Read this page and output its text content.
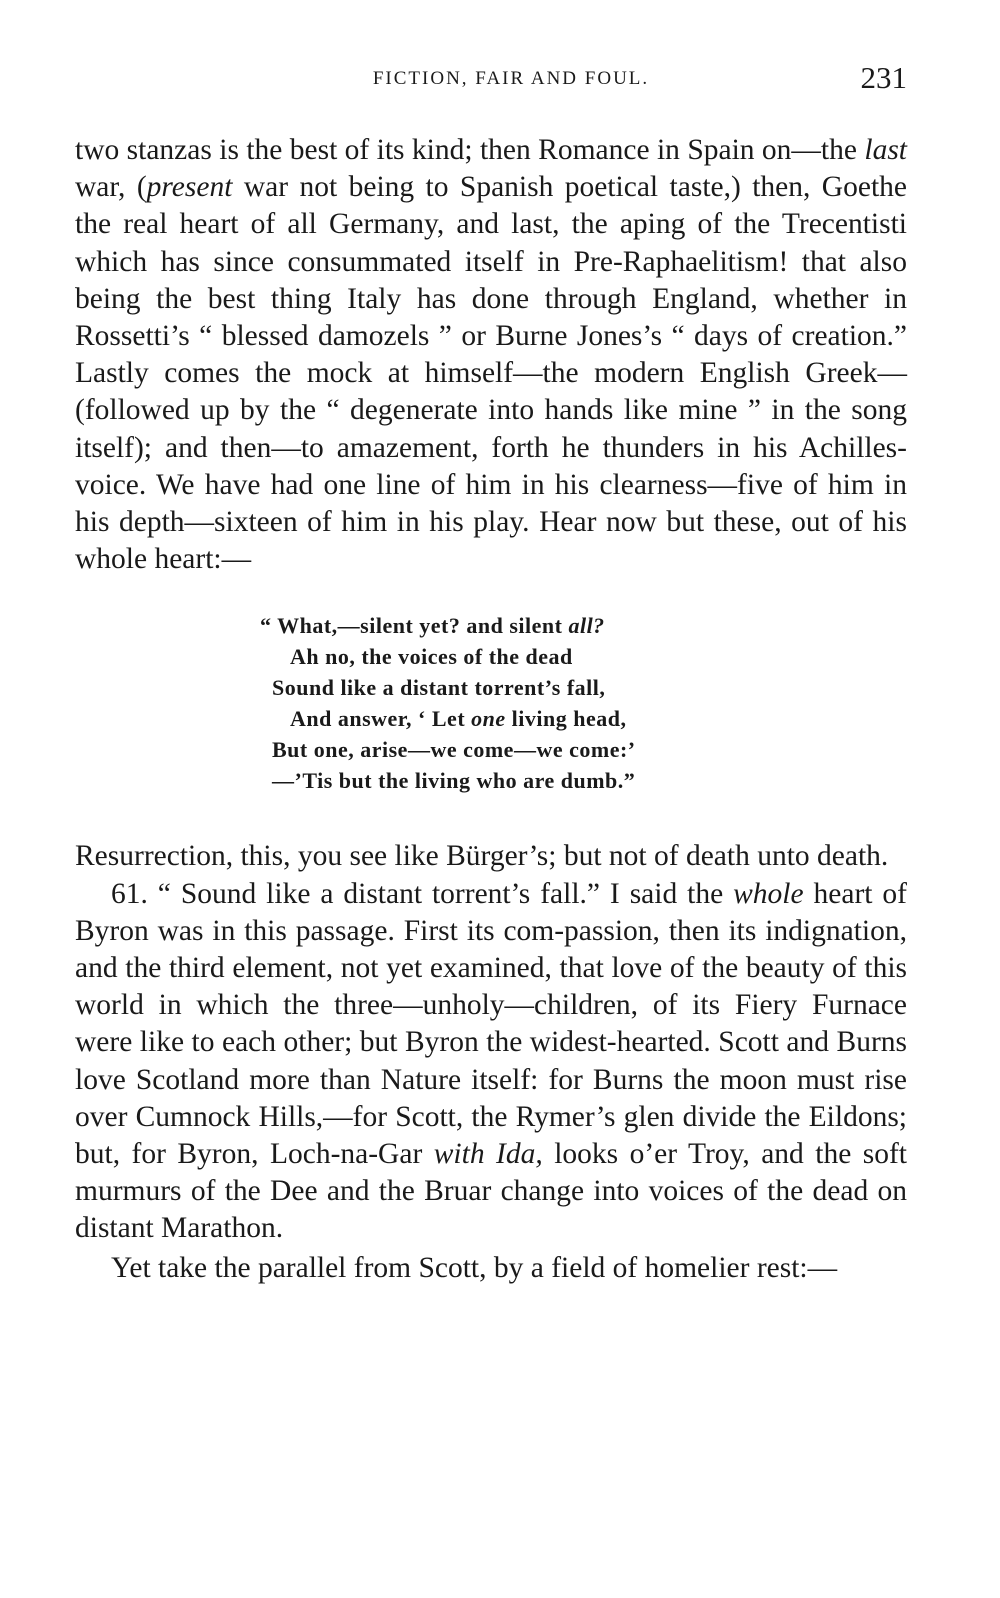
FICTION, FAIR AND FOUL.	231

two stanzas is the best of its kind; then Romance in Spain on—the last war, (present war not being to Spanish poetical taste,) then, Goethe the real heart of all Germany, and last, the aping of the Trecentisti which has since consummated itself in Pre-Raphaelitism! that also being the best thing Italy has done through England, whether in Rossetti’s “ blessed damozels ” or Burne Jones’s “ days of creation.” Lastly comes the mock at himself—the modern English Greek—(followed up by the “ degenerate into hands like mine ” in the song itself); and then—to amazement, forth he thunders in his Achilles-voice. We have had one line of him in his clearness—five of him in his depth—sixteen of him in his play. Hear now but these, out of his whole heart:—

“ What,—silent yet? and silent all?
Ah no, the voices of the dead
Sound like a distant torrent’s fall,
And answer, ‘ Let one living head,
But one, arise—we come—we come:’
—’Tis but the living who are dumb.”

Resurrection, this, you see like Bürger’s; but not of death unto death.

61. “ Sound like a distant torrent’s fall.” I said the whole heart of Byron was in this passage. First its com-passion, then its indignation, and the third element, not yet examined, that love of the beauty of this world in which the three—unholy—children, of its Fiery Furnace were like to each other; but Byron the widest-hearted. Scott and Burns love Scotland more than Nature itself: for Burns the moon must rise over Cumnock Hills,—for Scott, the Rymer’s glen divide the Eildons; but, for Byron, Loch-na-Gar with Ida, looks o’er Troy, and the soft murmurs of the Dee and the Bruar change into voices of the dead on distant Marathon.

Yet take the parallel from Scott, by a field of homelier rest:—
